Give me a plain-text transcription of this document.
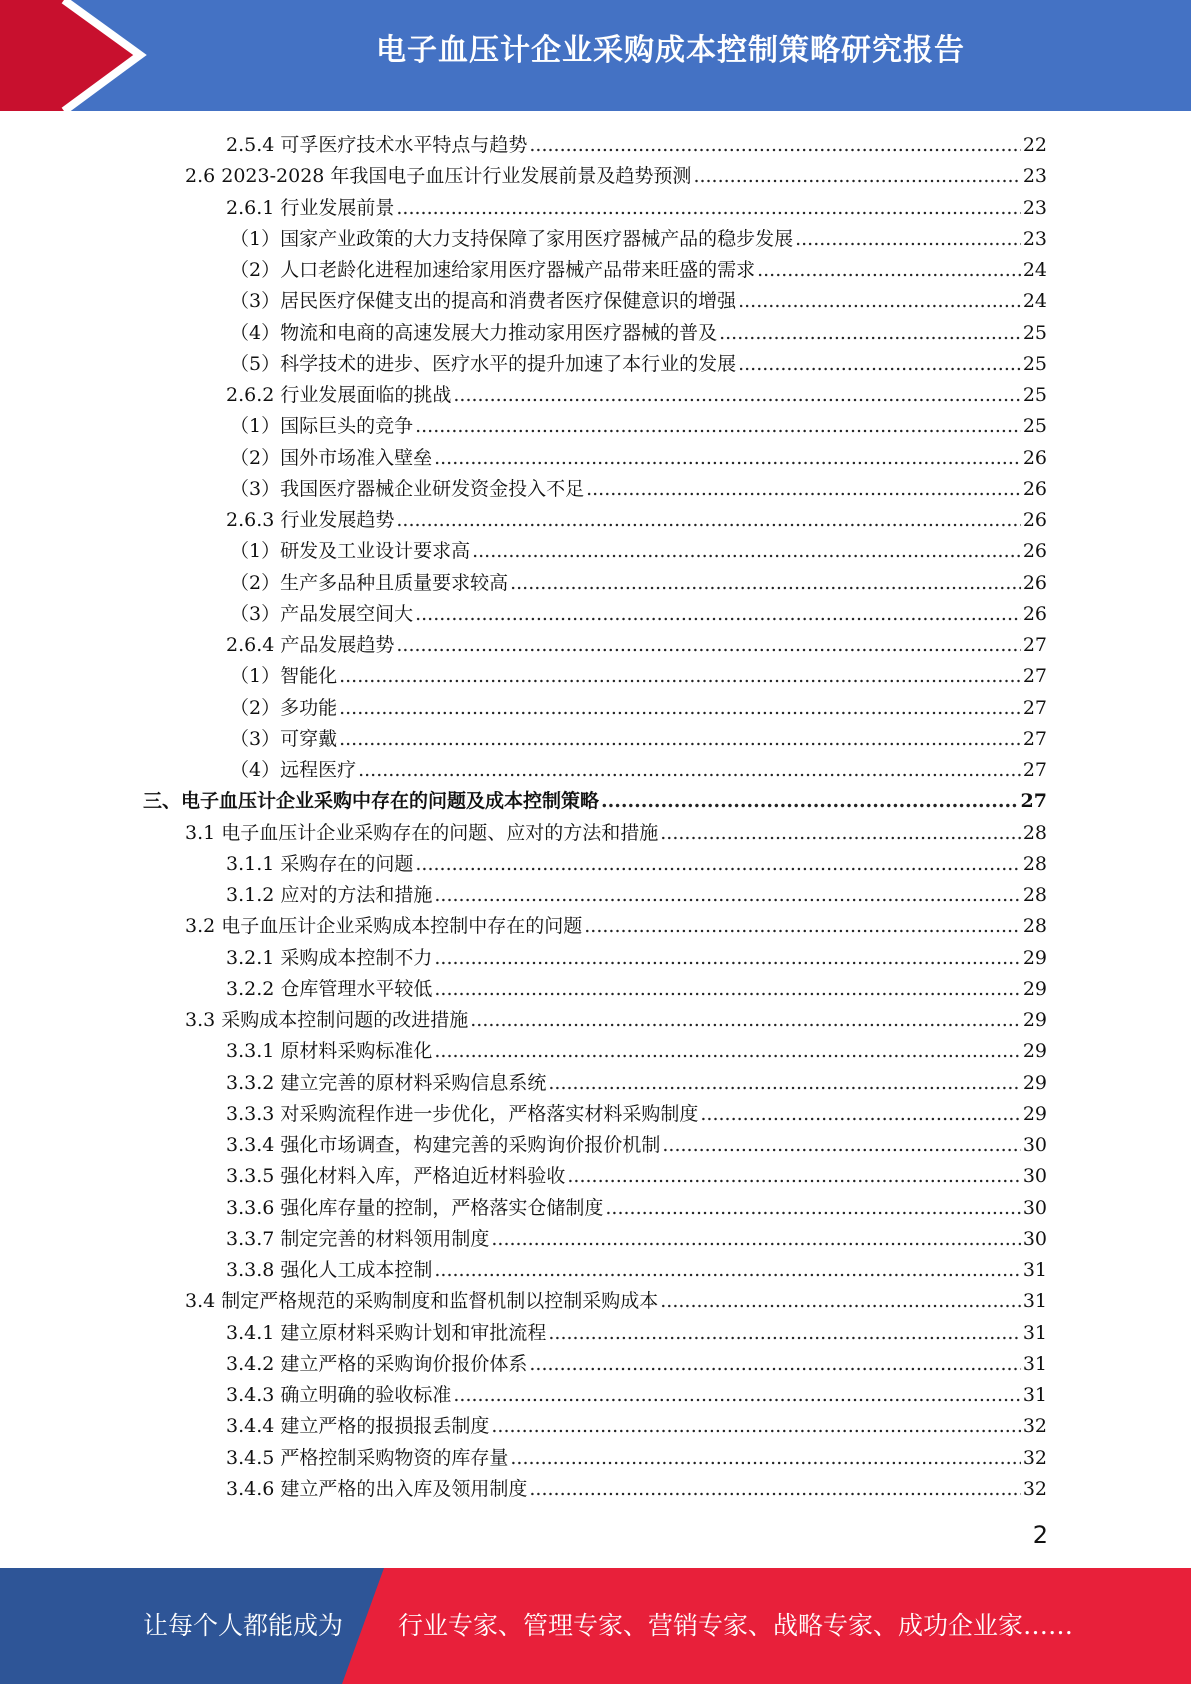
电子血压计企业采购成本控制策略研究报告
2.5.4 可孚医疗技术水平特点与趋势 .....	22
2.6 2023-2028 年我国电子血压计行业发展前景及趋势预测 .....	23
2.6.1 行业发展前景 .....	23
（1）国家产业政策的大力支持保障了家用医疗器械产品的稳步发展 .....	23
（2）人口老龄化进程加速给家用医疗器械产品带来旺盛的需求 .....	24
（3）居民医疗保健支出的提高和消费者医疗保健意识的增强 .....	24
（4）物流和电商的高速发展大力推动家用医疗器械的普及 .....	25
（5）科学技术的进步、医疗水平的提升加速了本行业的发展 .....	25
2.6.2 行业发展面临的挑战 .....	25
（1）国际巨头的竞争 .....	25
（2）国外市场准入壁垒 .....	26
（3）我国医疗器械企业研发资金投入不足 .....	26
2.6.3 行业发展趋势 .....	26
（1）研发及工业设计要求高 .....	26
（2）生产多品种且质量要求较高 .....	26
（3）产品发展空间大 .....	26
2.6.4 产品发展趋势 .....	27
（1）智能化 .....	27
（2）多功能 .....	27
（3）可穿戴 .....	27
（4）远程医疗 .....	27
三、电子血压计企业采购中存在的问题及成本控制策略 .....	27
3.1 电子血压计企业采购存在的问题、应对的方法和措施 .....	28
3.1.1 采购存在的问题 .....	28
3.1.2 应对的方法和措施 .....	28
3.2 电子血压计企业采购成本控制中存在的问题 .....	28
3.2.1 采购成本控制不力 .....	29
3.2.2 仓库管理水平较低 .....	29
3.3 采购成本控制问题的改进措施 .....	29
3.3.1 原材料采购标准化 .....	29
3.3.2 建立完善的原材料采购信息系统 .....	29
3.3.3 对采购流程作进一步优化，严格落实材料采购制度 .....	29
3.3.4 强化市场调查，构建完善的采购询价报价机制 .....	30
3.3.5 强化材料入库，严格迫近材料验收 .....	30
3.3.6 强化库存量的控制，严格落实仓储制度 .....	30
3.3.7 制定完善的材料领用制度 .....	30
3.3.8 强化人工成本控制 .....	31
3.4 制定严格规范的采购制度和监督机制以控制采购成本 .....	31
3.4.1 建立原材料采购计划和审批流程 .....	31
3.4.2 建立严格的采购询价报价体系 .....	31
3.4.3 确立明确的验收标准 .....	31
3.4.4 建立严格的报损报丢制度 .....	32
3.4.5 严格控制采购物资的库存量 .....	32
3.4.6 建立严格的出入库及领用制度 .....	32
2
让每个人都能成为 行业专家、管理专家、营销专家、战略专家、成功企业家……
